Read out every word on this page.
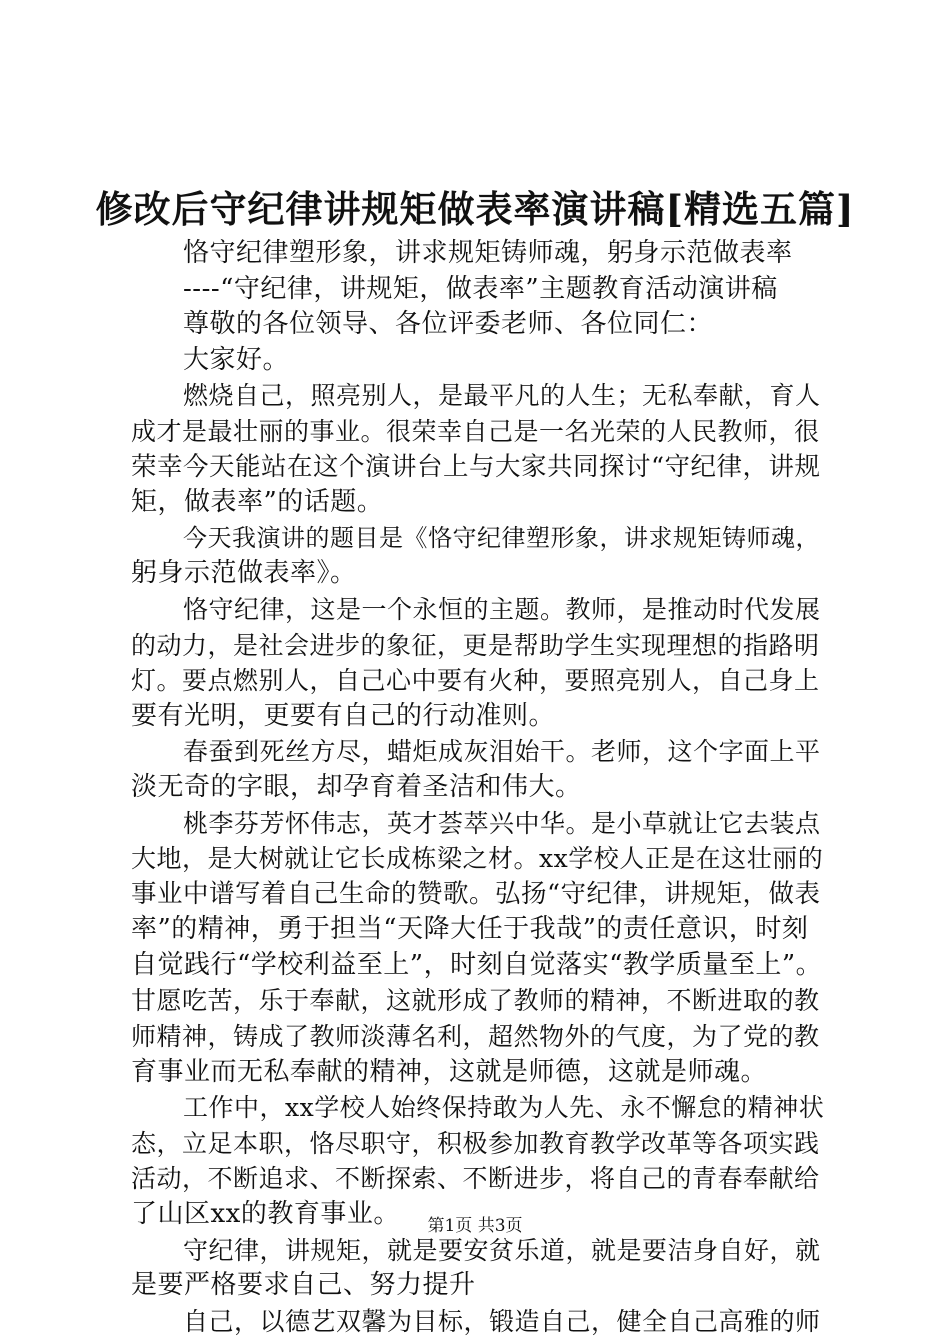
修改后守纪律讲规矩做表率演讲稿[精选五篇]
恪守纪律塑形象，讲求规矩铸师魂，躬身示范做表率
----“守纪律，讲规矩，做表率”主题教育活动演讲稿
尊敬的各位领导、各位评委老师、各位同仁：
大家好。
燃烧自己，照亮别人，是最平凡的人生；无私奉献，育人
成才是最壮丽的事业。很荣幸自己是一名光荣的人民教师，很
荣幸今天能站在这个演讲台上与大家共同探讨“守纪律，讲规
矩，做表率”的话题。
今天我演讲的题目是《恪守纪律塑形象，讲求规矩铸师魂，
躬身示范做表率》。
恪守纪律，这是一个永恒的主题。教师，是推动时代发展
的动力，是社会进步的象征，更是帮助学生实现理想的指路明
灯。要点燃别人，自己心中要有火种，要照亮别人，自己身上
要有光明，更要有自己的行动准则。
春蚕到死丝方尽，蜡炬成灰泪始干。老师，这个字面上平
淡无奇的字眼，却孕育着圣洁和伟大。
桃李芬芳怀伟志，英才荟萃兴中华。是小草就让它去装点
大地，是大树就让它长成栋梁之材。xx学校人正是在这壮丽的
事业中谱写着自己生命的赞歌。弘扬“守纪律，讲规矩，做表
率”的精神，勇于担当“天降大任于我哉”的责任意识，时刻
自觉践行“学校利益至上”，时刻自觉落实“教学质量至上”。
甘愿吃苦，乐于奉献，这就形成了教师的精神，不断进取的教
师精神，铸成了教师淡薄名利，超然物外的气度，为了党的教
育事业而无私奉献的精神，这就是师德，这就是师魂。
工作中，xx学校人始终保持敢为人先、永不懈怠的精神状
态，立足本职，恪尽职守，积极参加教育教学改革等各项实践
活动，不断追求、不断探索、不断进步，将自己的青春奉献给
了山区xx的教育事业。
守纪律，讲规矩，就是要安贫乐道，就是要洁身自好，就
是要严格要求自己、努力提升
自己，以德艺双馨为目标，锻造自己，健全自己高雅的师
第1页 共3页
